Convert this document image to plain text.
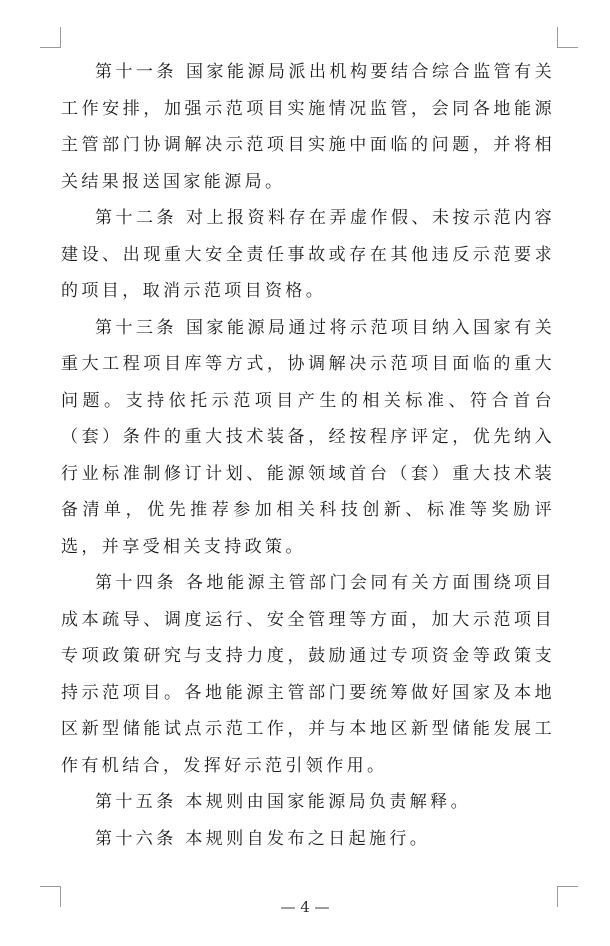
第十一条 国家能源局派出机构要结合综合监管有关工作安排，加强示范项目实施情况监管，会同各地能源主管部门协调解决示范项目实施中面临的问题，并将相关结果报送国家能源局。

第十二条 对上报资料存在弄虚作假、未按示范内容建设、出现重大安全责任事故或存在其他违反示范要求的项目，取消示范项目资格。

第十三条 国家能源局通过将示范项目纳入国家有关重大工程项目库等方式，协调解决示范项目面临的重大问题。支持依托示范项目产生的相关标准、符合首台（套）条件的重大技术装备，经按程序评定，优先纳入行业标准制修订计划、能源领域首台（套）重大技术装备清单，优先推荐参加相关科技创新、标准等奖励评选，并享受相关支持政策。

第十四条 各地能源主管部门会同有关方面围绕项目成本疏导、调度运行、安全管理等方面，加大示范项目专项政策研究与支持力度，鼓励通过专项资金等政策支持示范项目。各地能源主管部门要统筹做好国家及本地区新型储能试点示范工作，并与本地区新型储能发展工作有机结合，发挥好示范引领作用。

第十五条 本规则由国家能源局负责解释。

第十六条 本规则自发布之日起施行。

— 4 —
